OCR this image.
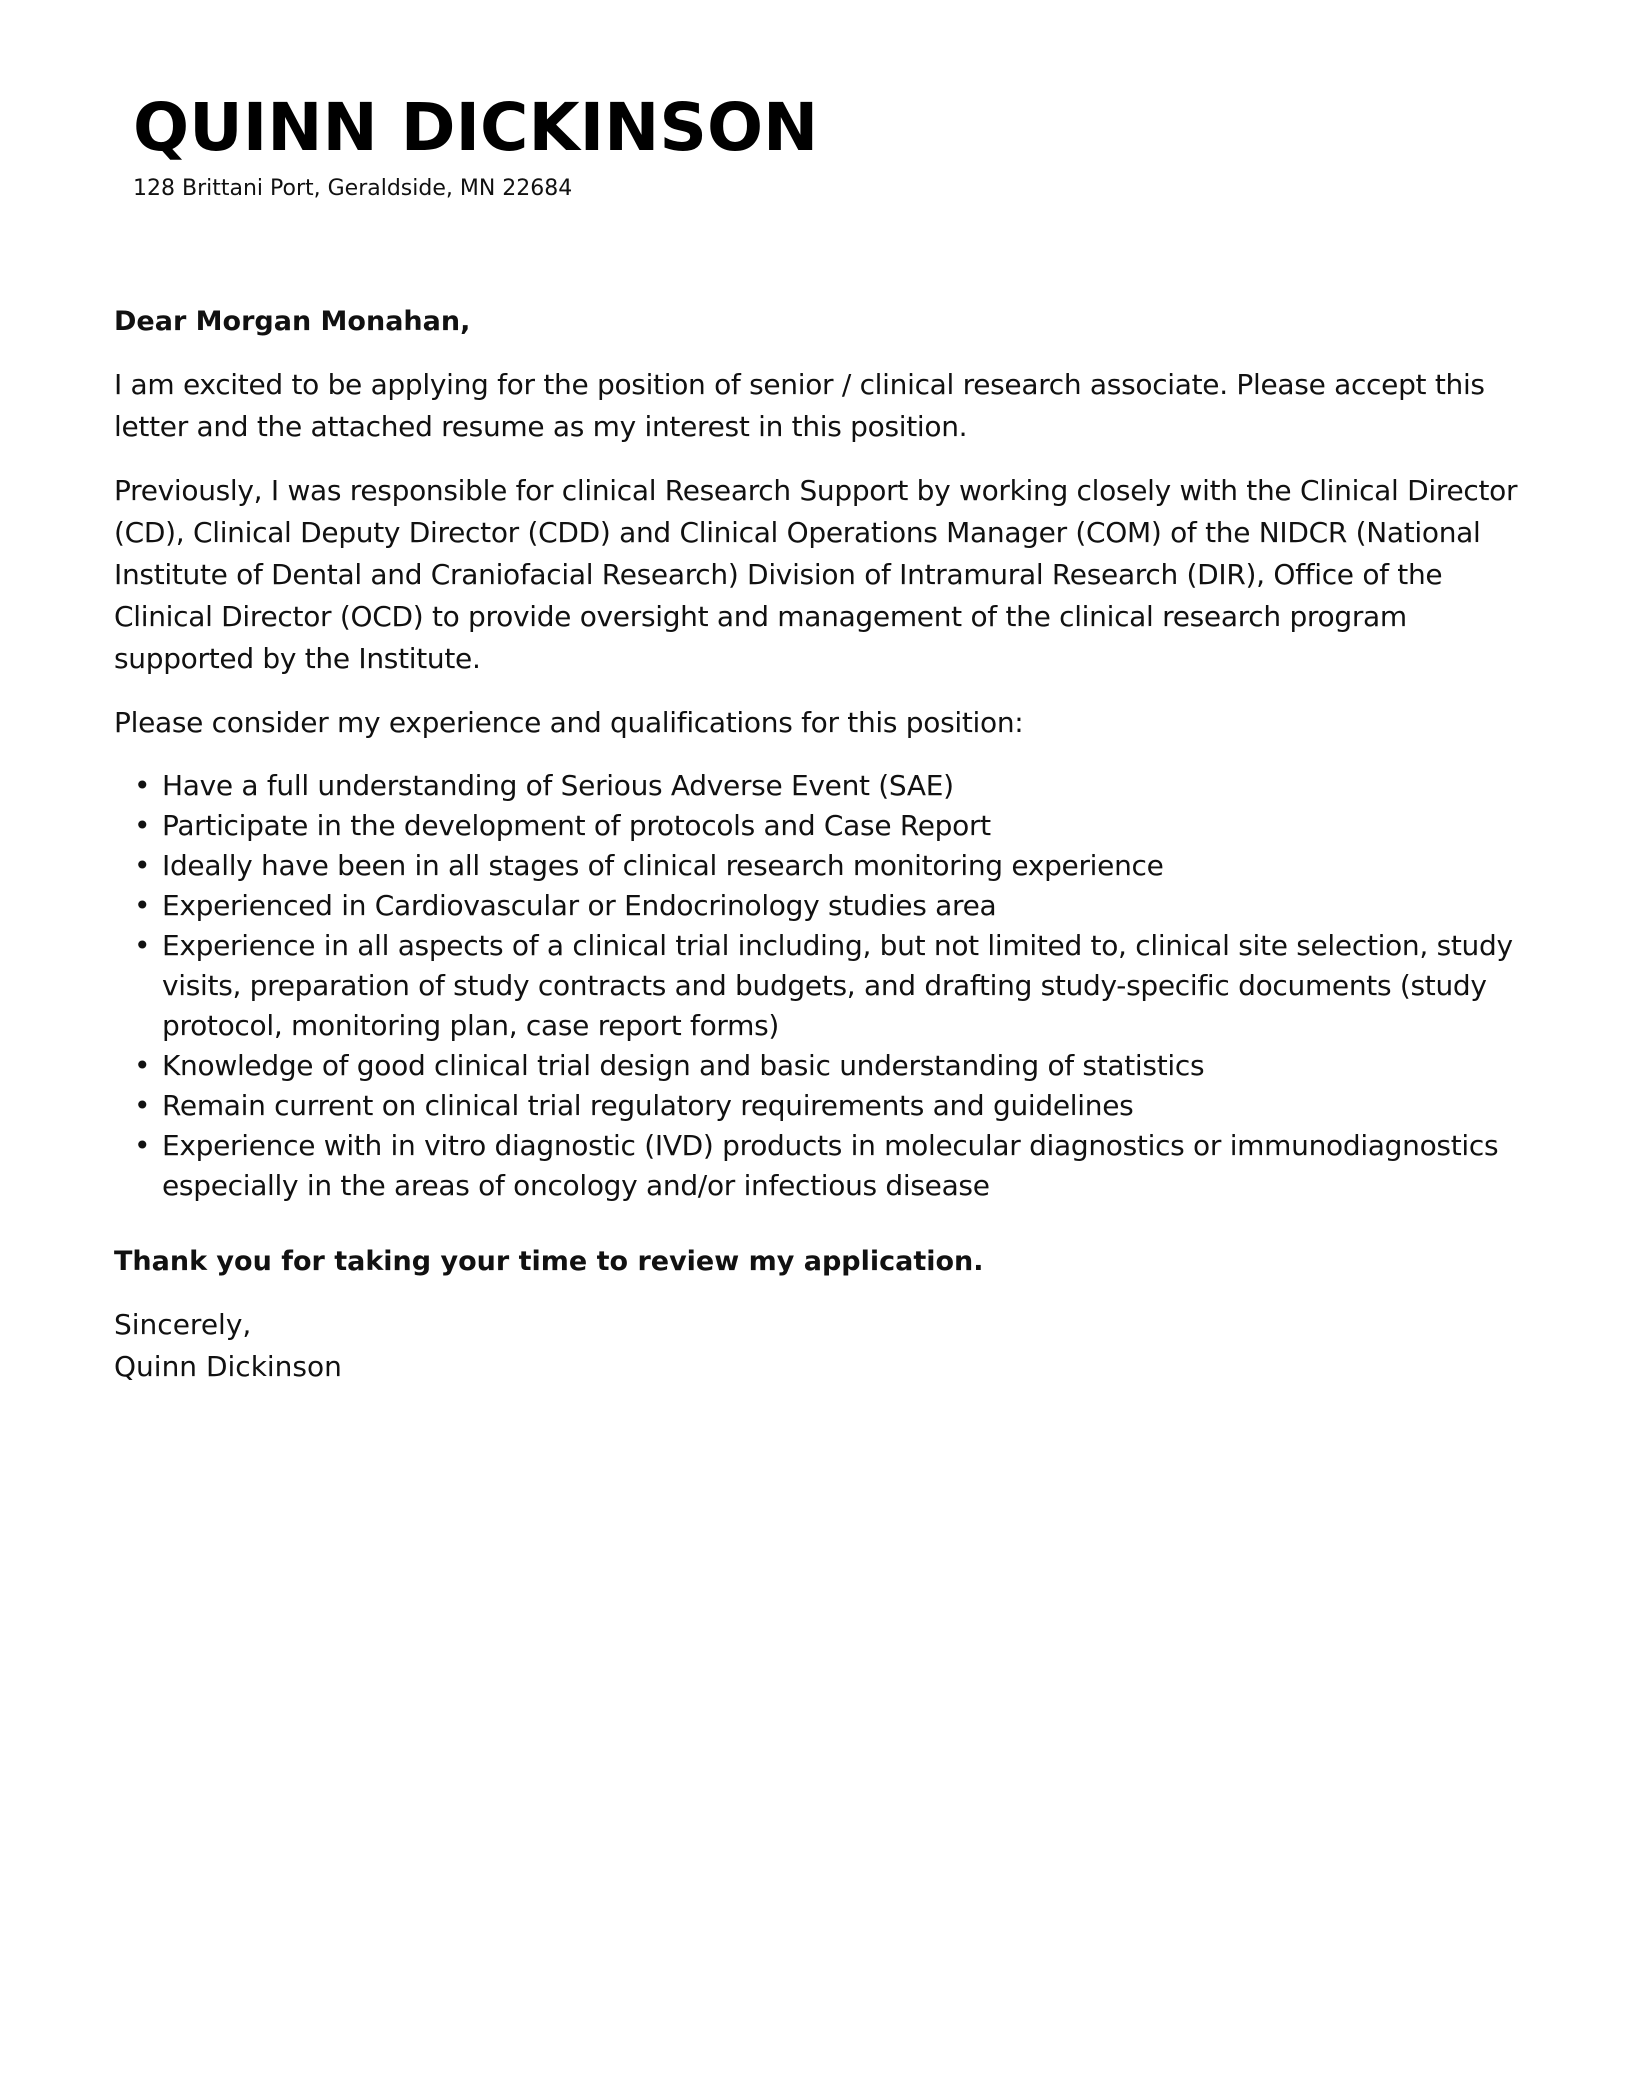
QUINN DICKINSON
128 Brittani Port, Geraldside, MN 22684

Dear Morgan Monahan,

I am excited to be applying for the position of senior / clinical research associate. Please accept this letter and the attached resume as my interest in this position.

Previously, I was responsible for clinical Research Support by working closely with the Clinical Director (CD), Clinical Deputy Director (CDD) and Clinical Operations Manager (COM) of the NIDCR (National Institute of Dental and Craniofacial Research) Division of Intramural Research (DIR), Office of the Clinical Director (OCD) to provide oversight and management of the clinical research program supported by the Institute.

Please consider my experience and qualifications for this position:

• Have a full understanding of Serious Adverse Event (SAE)
• Participate in the development of protocols and Case Report
• Ideally have been in all stages of clinical research monitoring experience
• Experienced in Cardiovascular or Endocrinology studies area
• Experience in all aspects of a clinical trial including, but not limited to, clinical site selection, study visits, preparation of study contracts and budgets, and drafting study-specific documents (study protocol, monitoring plan, case report forms)
• Knowledge of good clinical trial design and basic understanding of statistics
• Remain current on clinical trial regulatory requirements and guidelines
• Experience with in vitro diagnostic (IVD) products in molecular diagnostics or immunodiagnostics especially in the areas of oncology and/or infectious disease

Thank you for taking your time to review my application.

Sincerely,
Quinn Dickinson
